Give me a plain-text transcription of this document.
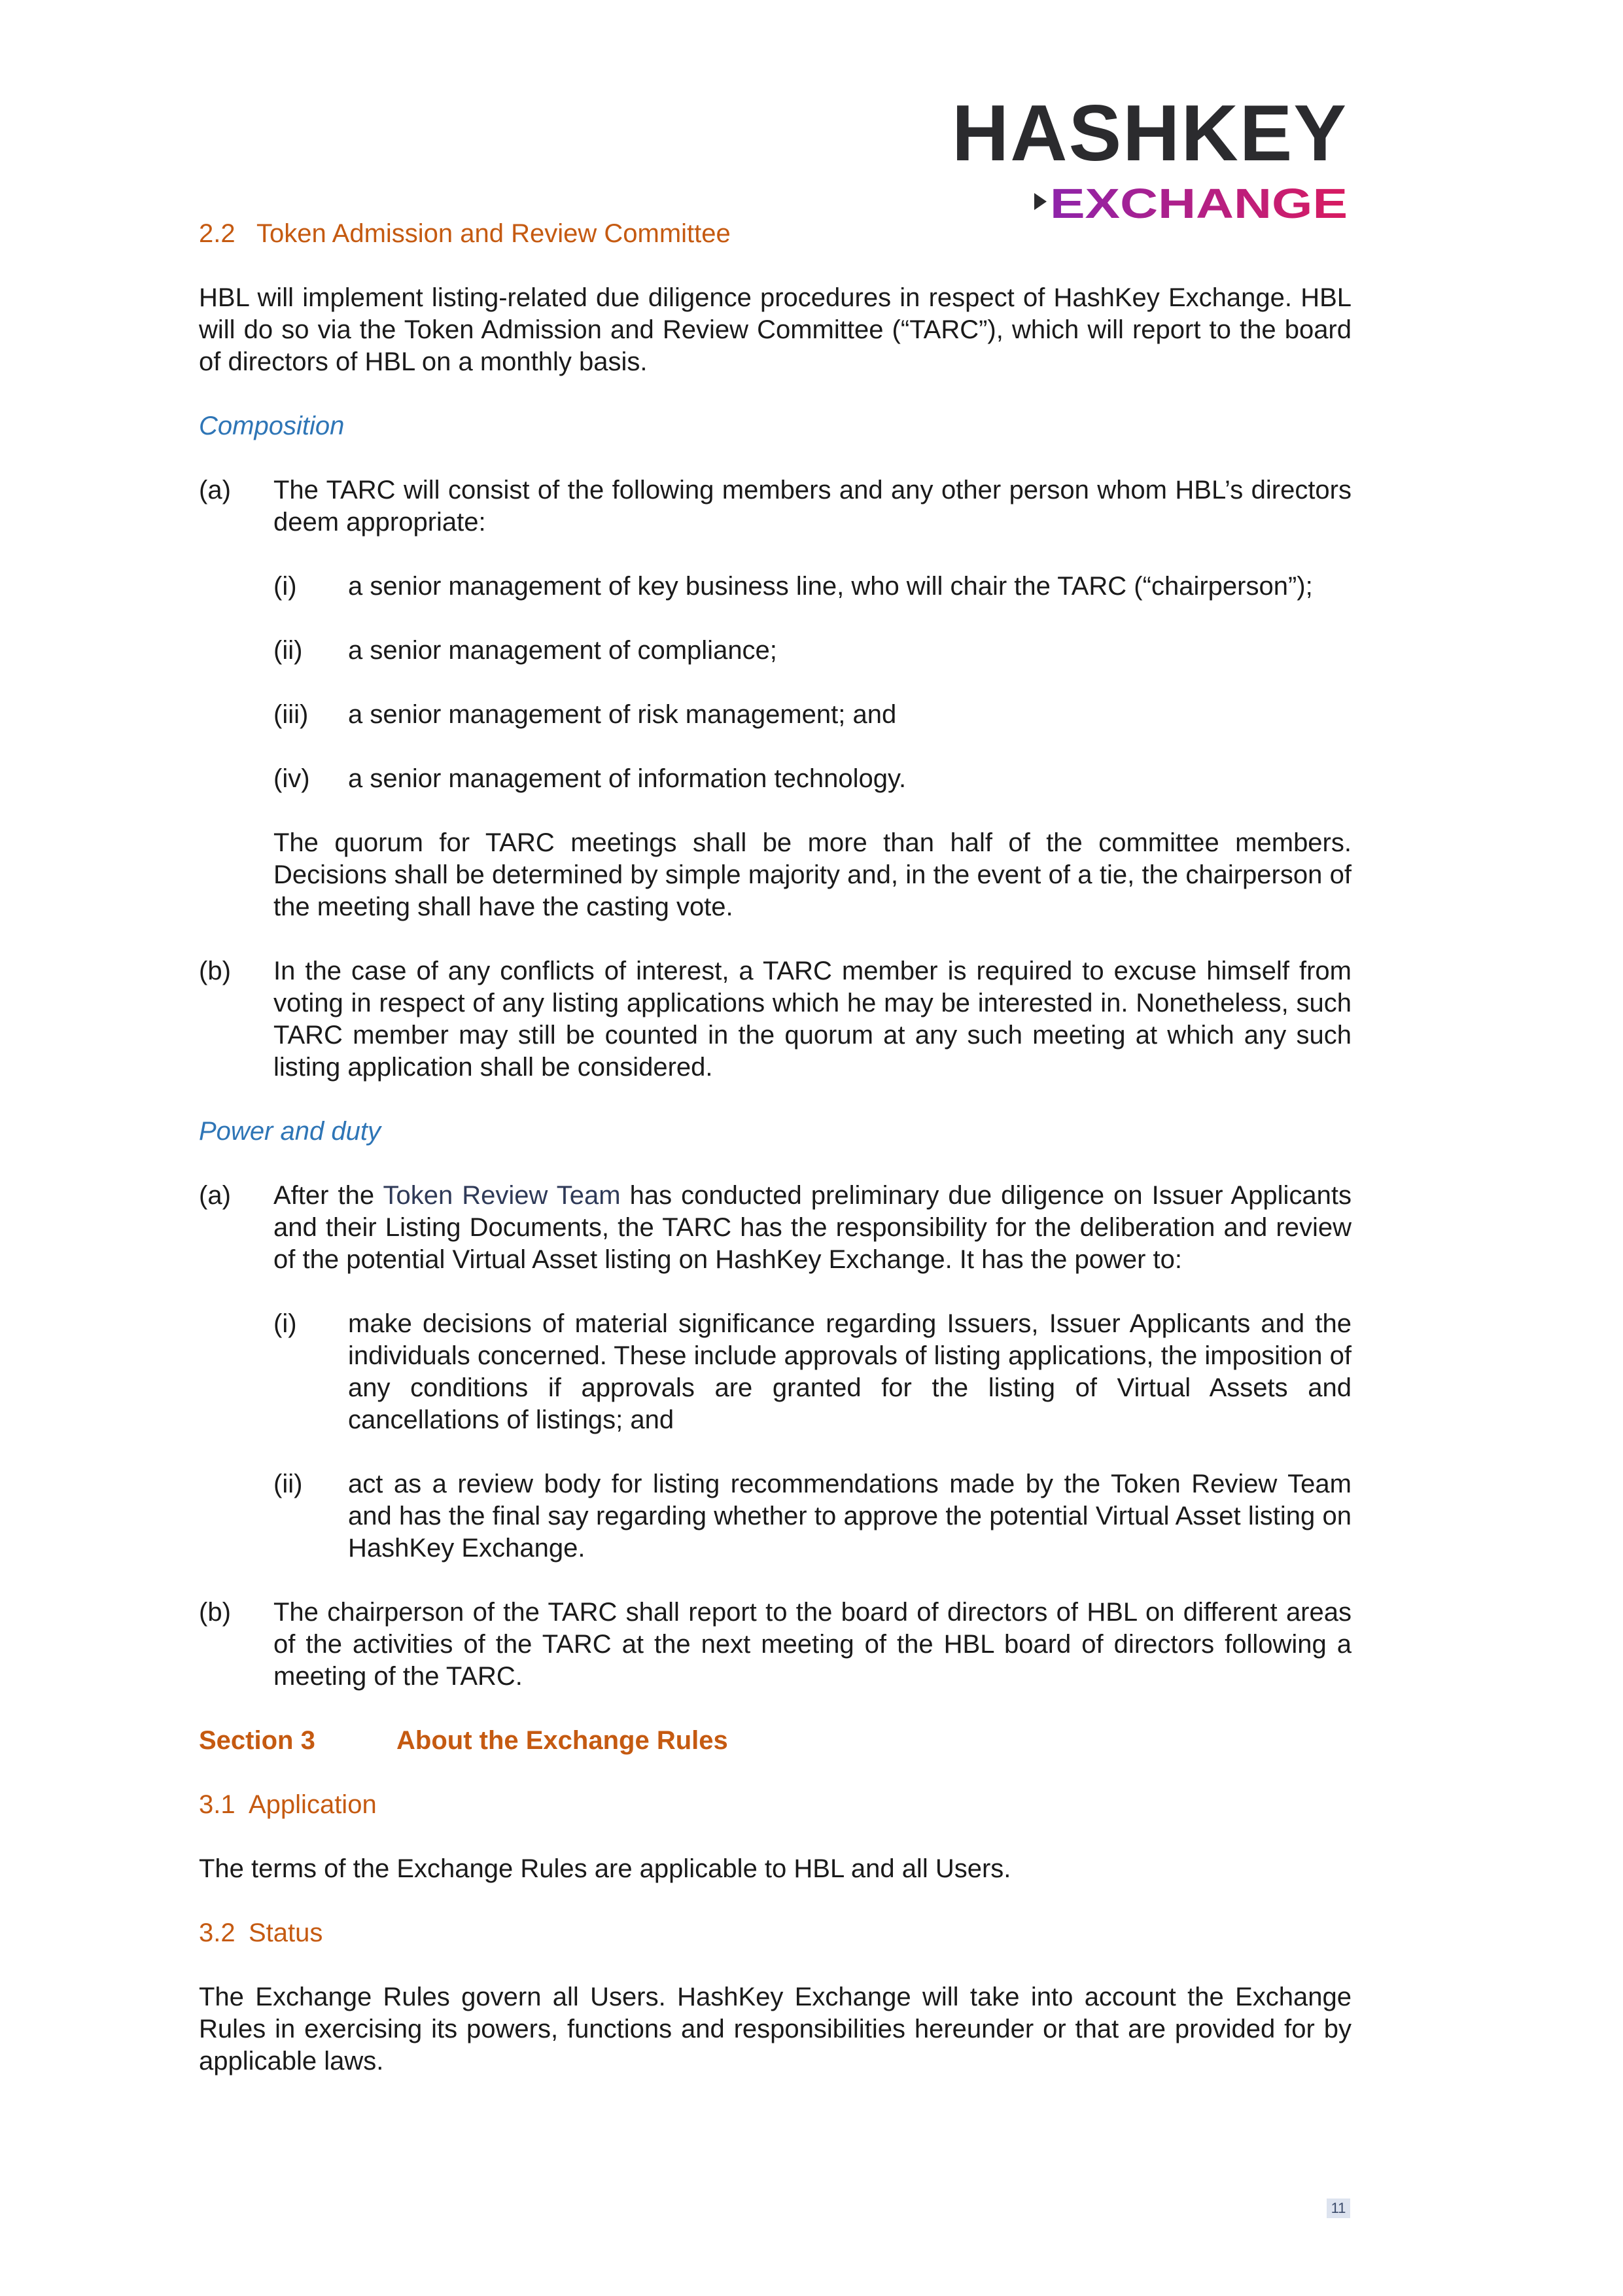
HASHKEY
EXCHANGE
2.2 Token Admission and Review Committee

HBL will implement listing-related due diligence procedures in respect of HashKey Exchange. HBL will do so via the Token Admission and Review Committee (“TARC”), which will report to the board of directors of HBL on a monthly basis.

Composition
(a)	The TARC will consist of the following members and any other person whom HBL’s directors deem appropriate:
(i)	a senior management of key business line, who will chair the TARC (“chairperson”);
(ii)	a senior management of compliance;
(iii)	a senior management of risk management; and
(iv)	a senior management of information technology.

The quorum for TARC meetings shall be more than half of the committee members. Decisions shall be determined by simple majority and, in the event of a tie, the chairperson of the meeting shall have the casting vote.

(b)	In the case of any conflicts of interest, a TARC member is required to excuse himself from voting in respect of any listing applications which he may be interested in. Nonetheless, such TARC member may still be counted in the quorum at any such meeting at which any such listing application shall be considered.
Power and duty
(a)	After the Token Review Team has conducted preliminary due diligence on Issuer Applicants and their Listing Documents, the TARC has the responsibility for the deliberation and review of the potential Virtual Asset listing on HashKey Exchange. It has the power to:
(i)	make decisions of material significance regarding Issuers, Issuer Applicants and the individuals concerned. These include approvals of listing applications, the imposition of any conditions if approvals are granted for the listing of Virtual Assets and cancellations of listings; and
(ii)	act as a review body for listing recommendations made by the Token Review Team and has the final say regarding whether to approve the potential Virtual Asset listing on HashKey Exchange.
(b)	The chairperson of the TARC shall report to the board of directors of HBL on different areas of the activities of the TARC at the next meeting of the HBL board of directors following a meeting of the TARC.
Section 3	About the Exchange Rules
3.1 Application

The terms of the Exchange Rules are applicable to HBL and all Users.

3.2 Status

The Exchange Rules govern all Users. HashKey Exchange will take into account the Exchange Rules in exercising its powers, functions and responsibilities hereunder or that are provided for by applicable laws.

11
